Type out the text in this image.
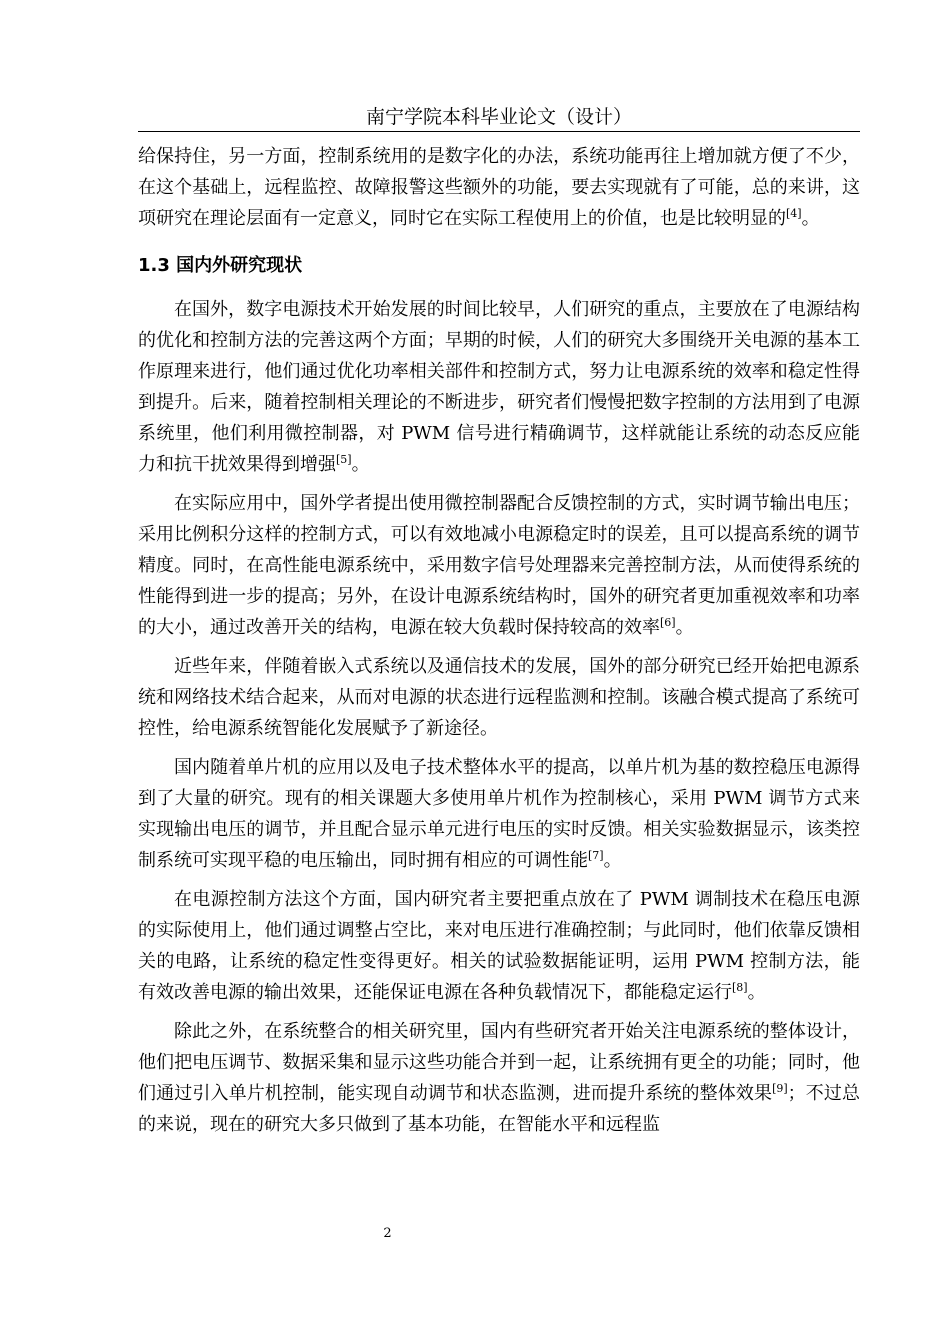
南宁学院本科毕业论文（设计）

给保持住，另一方面，控制系统用的是数字化的办法，系统功能再往上增加就方便了不少，在这个基础上，远程监控、故障报警这些额外的功能，要去实现就有了可能，总的来讲，这项研究在理论层面有一定意义，同时它在实际工程使用上的价值，也是比较明显的[4]。

1.3 国内外研究现状

在国外，数字电源技术开始发展的时间比较早，人们研究的重点，主要放在了电源结构的优化和控制方法的完善这两个方面；早期的时候，人们的研究大多围绕开关电源的基本工作原理来进行，他们通过优化功率相关部件和控制方式，努力让电源系统的效率和稳定性得到提升。后来，随着控制相关理论的不断进步，研究者们慢慢把数字控制的方法用到了电源系统里，他们利用微控制器，对 PWM 信号进行精确调节，这样就能让系统的动态反应能力和抗干扰效果得到增强[5]。

在实际应用中，国外学者提出使用微控制器配合反馈控制的方式，实时调节输出电压；采用比例积分这样的控制方式，可以有效地减小电源稳定时的误差，且可以提高系统的调节精度。同时，在高性能电源系统中，采用数字信号处理器来完善控制方法，从而使得系统的性能得到进一步的提高；另外，在设计电源系统结构时，国外的研究者更加重视效率和功率的大小，通过改善开关的结构，电源在较大负载时保持较高的效率[6]。

近些年来，伴随着嵌入式系统以及通信技术的发展，国外的部分研究已经开始把电源系统和网络技术结合起来，从而对电源的状态进行远程监测和控制。该融合模式提高了系统可控性，给电源系统智能化发展赋予了新途径。

国内随着单片机的应用以及电子技术整体水平的提高，以单片机为基的数控稳压电源得到了大量的研究。现有的相关课题大多使用单片机作为控制核心，采用 PWM 调节方式来实现输出电压的调节，并且配合显示单元进行电压的实时反馈。相关实验数据显示，该类控制系统可实现平稳的电压输出，同时拥有相应的可调性能[7]。

在电源控制方法这个方面，国内研究者主要把重点放在了 PWM 调制技术在稳压电源的实际使用上，他们通过调整占空比，来对电压进行准确控制；与此同时，他们依靠反馈相关的电路，让系统的稳定性变得更好。相关的试验数据能证明，运用 PWM 控制方法，能有效改善电源的输出效果，还能保证电源在各种负载情况下，都能稳定运行[8]。

除此之外，在系统整合的相关研究里，国内有些研究者开始关注电源系统的整体设计，他们把电压调节、数据采集和显示这些功能合并到一起，让系统拥有更全的功能；同时，他们通过引入单片机控制，能实现自动调节和状态监测，进而提升系统的整体效果[9]；不过总的来说，现在的研究大多只做到了基本功能，在智能水平和远程监

2
